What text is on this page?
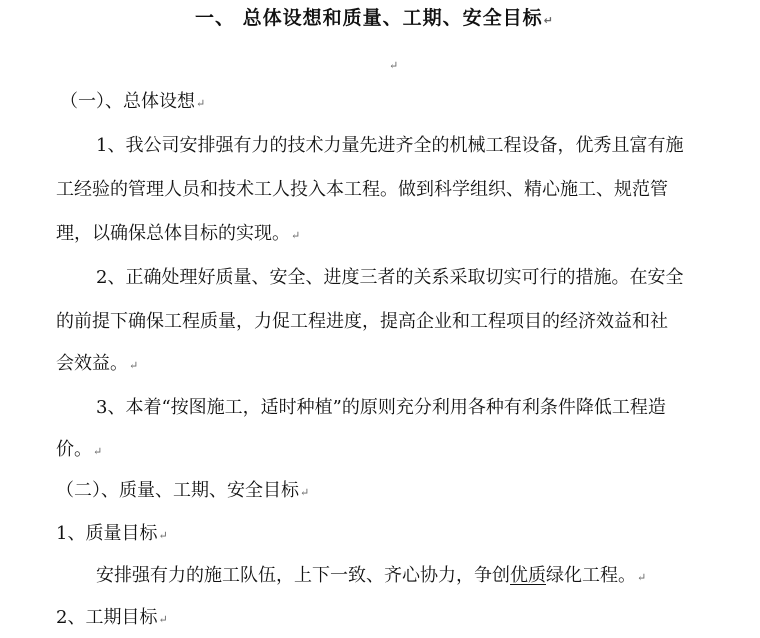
一、 总体设想和质量、工期、安全目标↵
↵
（一）、总体设想↵
1、我公司安排强有力的技术力量先进齐全的机械工程设备，优秀且富有施
工经验的管理人员和技术工人投入本工程。做到科学组织、精心施工、规范管
理，以确保总体目标的实现。↵
2、正确处理好质量、安全、进度三者的关系采取切实可行的措施。在安全
的前提下确保工程质量，力促工程进度，提高企业和工程项目的经济效益和社
会效益。↵
3、本着“按图施工，适时种植”的原则充分利用各种有利条件降低工程造
价。↵
（二）、质量、工期、安全目标↵
1、质量目标↵
安排强有力的施工队伍，上下一致、齐心协力，争创优质绿化工程。↵
2、工期目标↵
